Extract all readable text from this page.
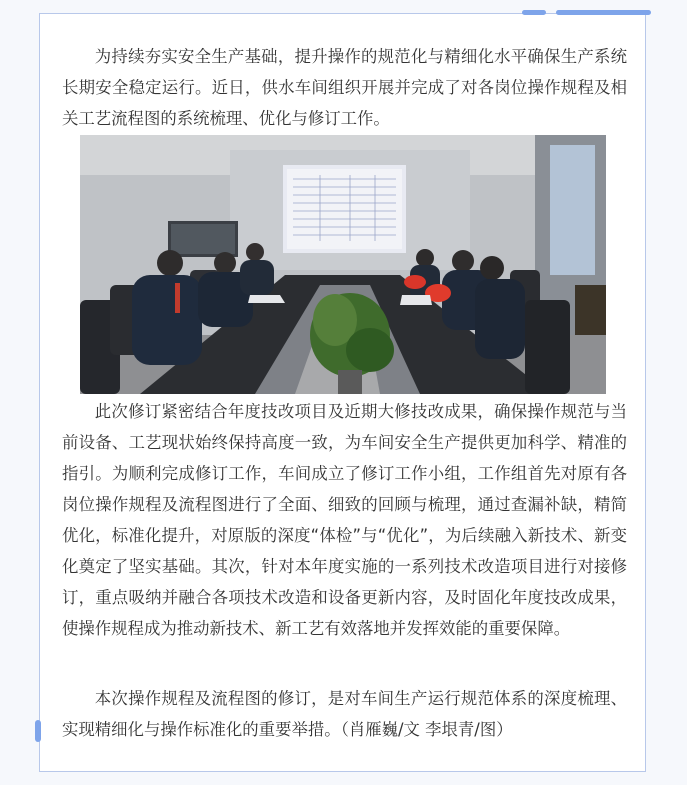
为持续夯实安全生产基础，提升操作的规范化与精细化水平确保生产系统长期安全稳定运行。近日，供水车间组织开展并完成了对各岗位操作规程及相关工艺流程图的系统梳理、优化与修订工作。

此次修订紧密结合年度技改项目及近期大修技改成果，确保操作规范与当前设备、工艺现状始终保持高度一致，为车间安全生产提供更加科学、精准的指引。为顺利完成修订工作，车间成立了修订工作小组，工作组首先对原有各岗位操作规程及流程图进行了全面、细致的回顾与梳理，通过查漏补缺，精简优化，标准化提升，对原版的深度“体检”与“优化”，为后续融入新技术、新变化奠定了坚实基础。其次，针对本年度实施的一系列技术改造项目进行对接修订，重点吸纳并融合各项技术改造和设备更新内容，及时固化年度技改成果，使操作规程成为推动新技术、新工艺有效落地并发挥效能的重要保障。

本次操作规程及流程图的修订，是对车间生产运行规范体系的深度梳理、实现精细化与操作标准化的重要举措。（肖雁巍/文 李垠青/图）
